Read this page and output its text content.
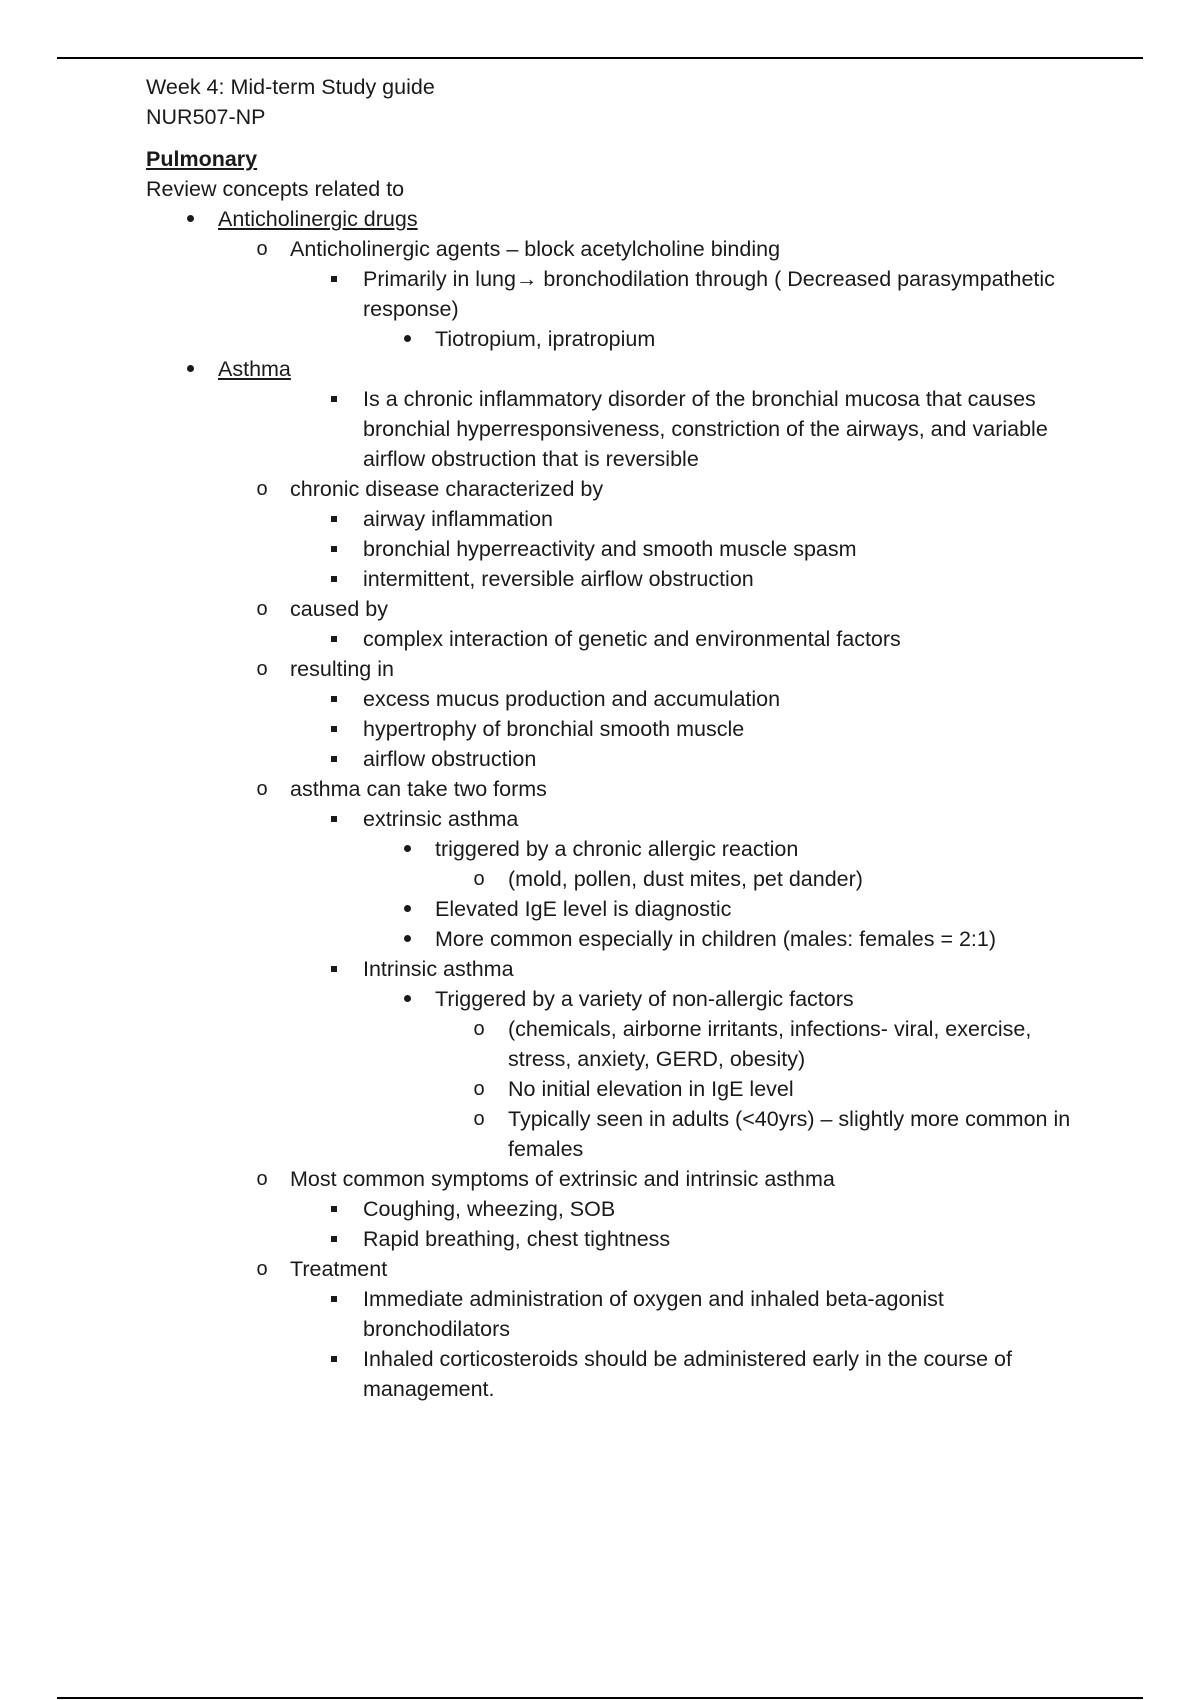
Week 4: Mid-term Study guide

NUR507-NP

Pulmonary

Review concepts related to

Anticholinergic drugs
o Anticholinergic agents – block acetylcholine binding
Primarily in lung→ bronchodilation through ( Decreased parasympathetic response)
Tiotropium, ipratropium
Asthma
Is a chronic inflammatory disorder of the bronchial mucosa that causes bronchial hyperresponsiveness, constriction of the airways, and variable airflow obstruction that is reversible
o chronic disease characterized by
airway inflammation
bronchial hyperreactivity and smooth muscle spasm
intermittent, reversible airflow obstruction
o caused by
complex interaction of genetic and environmental factors
o resulting in
excess mucus production and accumulation
hypertrophy of bronchial smooth muscle
airflow obstruction
o asthma can take two forms
extrinsic asthma
triggered by a chronic allergic reaction
o (mold, pollen, dust mites, pet dander)
Elevated IgE level is diagnostic
More common especially in children (males: females = 2:1)
Intrinsic asthma
Triggered by a variety of non-allergic factors
o (chemicals, airborne irritants, infections- viral, exercise, stress, anxiety, GERD, obesity)
o No initial elevation in IgE level
o Typically seen in adults (<40yrs) – slightly more common in females
o Most common symptoms of extrinsic and intrinsic asthma
Coughing, wheezing, SOB
Rapid breathing, chest tightness
o Treatment
Immediate administration of oxygen and inhaled beta-agonist bronchodilators
Inhaled corticosteroids should be administered early in the course of management.
